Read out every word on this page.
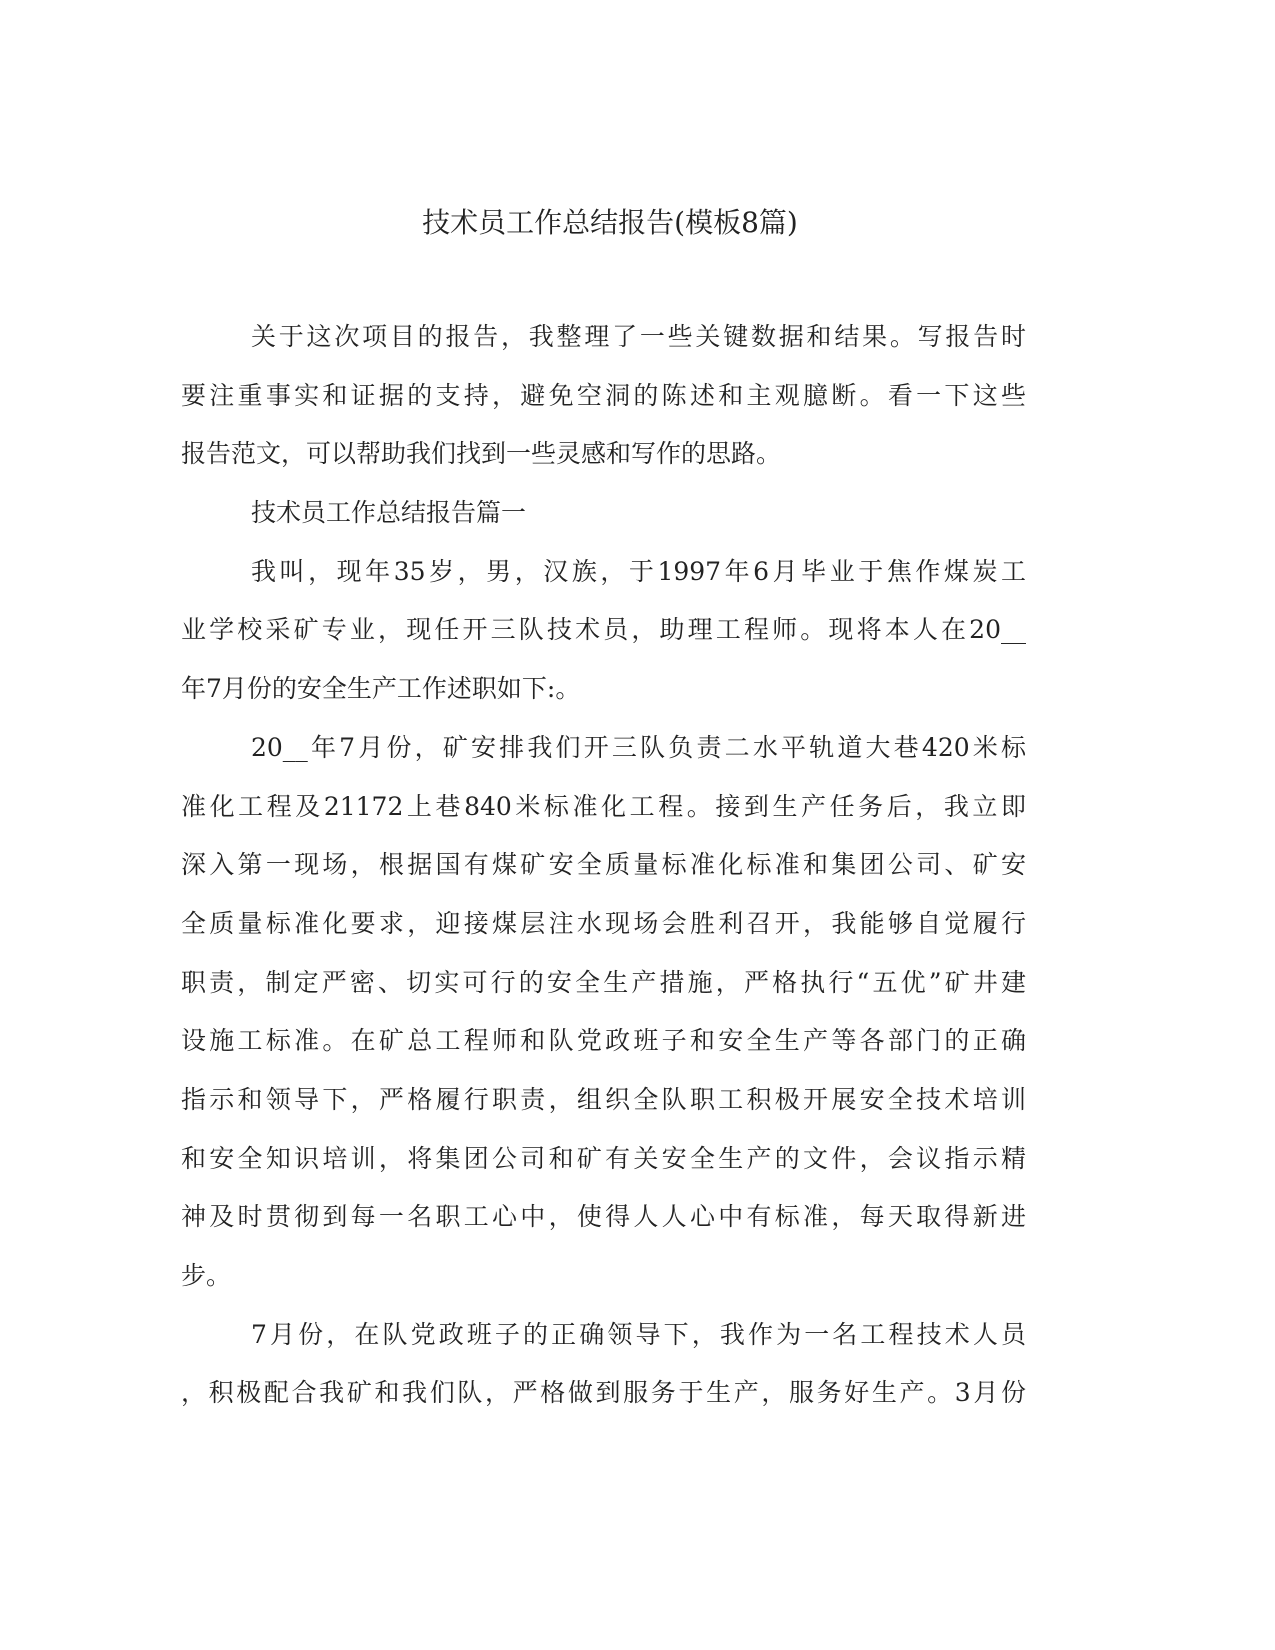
技术员工作总结报告(模板8篇)
关于这次项目的报告，我整理了一些关键数据和结果。写报告时
要注重事实和证据的支持，避免空洞的陈述和主观臆断。看一下这些
报告范文，可以帮助我们找到一些灵感和写作的思路。
技术员工作总结报告篇一
我叫，现年35岁，男，汉族，于1997年6月毕业于焦作煤炭工
业学校采矿专业，现任开三队技术员，助理工程师。现将本人在20__
年7月份的安全生产工作述职如下:。
20__年7月份，矿安排我们开三队负责二水平轨道大巷420米标
准化工程及21172上巷840米标准化工程。接到生产任务后，我立即
深入第一现场，根据国有煤矿安全质量标准化标准和集团公司、矿安
全质量标准化要求，迎接煤层注水现场会胜利召开，我能够自觉履行
职责，制定严密、切实可行的安全生产措施，严格执行“五优”矿井建
设施工标准。在矿总工程师和队党政班子和安全生产等各部门的正确
指示和领导下，严格履行职责，组织全队职工积极开展安全技术培训
和安全知识培训，将集团公司和矿有关安全生产的文件，会议指示精
神及时贯彻到每一名职工心中，使得人人心中有标准，每天取得新进
步。
7月份，在队党政班子的正确领导下，我作为一名工程技术人员
，积极配合我矿和我们队，严格做到服务于生产，服务好生产。3月份
